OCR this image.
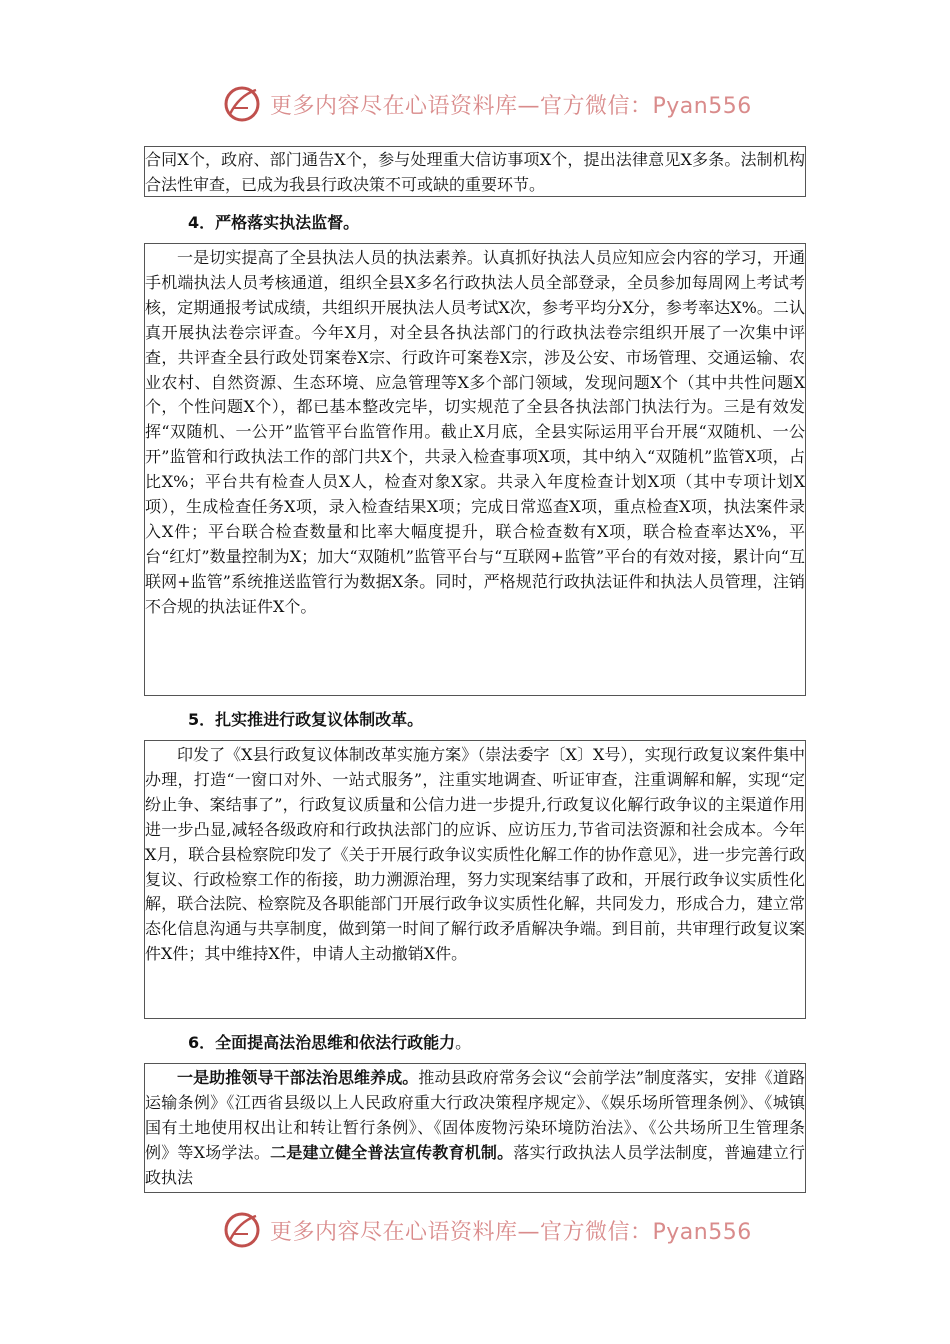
更多内容尽在心语资料库—官方微信：Pyan556

合同X个，政府、部门通告X个，参与处理重大信访事项X个，提出法律意见X多条。法制机构合法性审查，已成为我县行政决策不可或缺的重要环节。

4．严格落实执法监督。

一是切实提高了全县执法人员的执法素养。认真抓好执法人员应知应会内容的学习，开通手机端执法人员考核通道，组织全县X多名行政执法人员全部登录，全员参加每周网上考试考核，定期通报考试成绩，共组织开展执法人员考试X次，参考平均分X分，参考率达X%。二认真开展执法卷宗评查。今年X月，对全县各执法部门的行政执法卷宗组织开展了一次集中评查，共评查全县行政处罚案卷X宗、行政许可案卷X宗，涉及公安、市场管理、交通运输、农业农村、自然资源、生态环境、应急管理等X多个部门领域，发现问题X个（其中共性问题X个，个性问题X个），都已基本整改完毕，切实规范了全县各执法部门执法行为。三是有效发挥“双随机、一公开”监管平台监管作用。截止X月底，全县实际运用平台开展“双随机、一公开”监管和行政执法工作的部门共X个，共录入检查事项X项，其中纳入“双随机”监管X项，占比X%；平台共有检查人员X人，检查对象X家。共录入年度检查计划X项（其中专项计划X项），生成检查任务X项，录入检查结果X项；完成日常巡查X项，重点检查X项，执法案件录入X件；平台联合检查数量和比率大幅度提升，联合检查数有X项，联合检查率达X%，平台“红灯”数量控制为X；加大“双随机”监管平台与“互联网+监管”平台的有效对接，累计向“互联网+监管”系统推送监管行为数据X条。同时，严格规范行政执法证件和执法人员管理，注销不合规的执法证件X个。

5．扎实推进行政复议体制改革。

印发了《X县行政复议体制改革实施方案》（崇法委字〔X〕X号），实现行政复议案件集中办理，打造“一窗口对外、一站式服务”，注重实地调查、听证审查，注重调解和解，实现“定纷止争、案结事了”，行政复议质量和公信力进一步提升,行政复议化解行政争议的主渠道作用进一步凸显,减轻各级政府和行政执法部门的应诉、应访压力,节省司法资源和社会成本。今年X月，联合县检察院印发了《关于开展行政争议实质性化解工作的协作意见》，进一步完善行政复议、行政检察工作的衔接，助力溯源治理，努力实现案结事了政和，开展行政争议实质性化解，联合法院、检察院及各职能部门开展行政争议实质性化解，共同发力，形成合力，建立常态化信息沟通与共享制度，做到第一时间了解行政矛盾解决争端。到目前，共审理行政复议案件X件；其中维持X件，申请人主动撤销X件。

6．全面提高法治思维和依法行政能力。

一是助推领导干部法治思维养成。推动县政府常务会议“会前学法”制度落实，安排《道路运输条例》《江西省县级以上人民政府重大行政决策程序规定》、《娱乐场所管理条例》、《城镇国有土地使用权出让和转让暂行条例》、《固体废物污染环境防治法》、《公共场所卫生管理条例》等X场学法。二是建立健全普法宣传教育机制。落实行政执法人员学法制度，普遍建立行政执法

更多内容尽在心语资料库—官方微信：Pyan556
